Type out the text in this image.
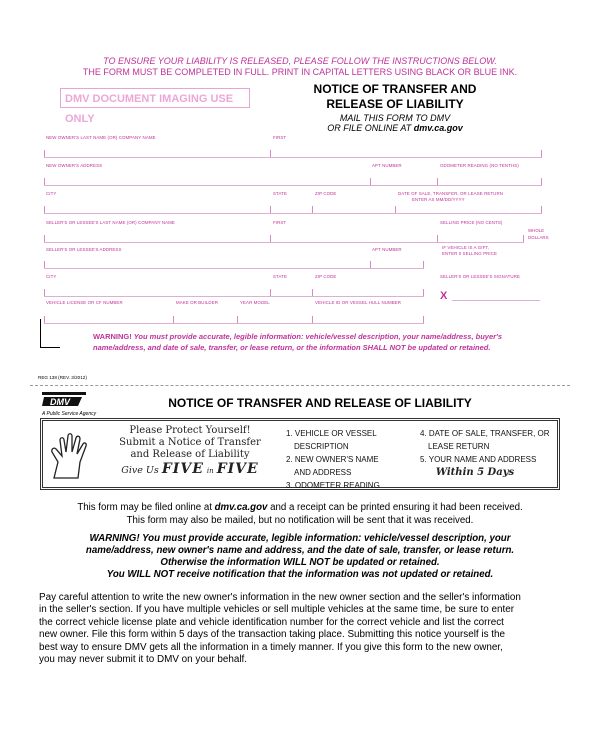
TO ENSURE YOUR LIABILITY IS RELEASED, PLEASE FOLLOW THE INSTRUCTIONS BELOW.
THE FORM MUST BE COMPLETED IN FULL. PRINT IN CAPITAL LETTERS USING BLACK OR BLUE INK.
DMV DOCUMENT IMAGING USE ONLY
NOTICE OF TRANSFER AND
RELEASE OF LIABILITY
MAIL THIS FORM TO DMV
OR FILE ONLINE AT dmv.ca.gov
NEW OWNER'S LAST NAME (OR) COMPANY NAME	FIRST
NEW OWNER'S ADDRESS	APT NUMBER	ODOMETER READING (NO TENTHS)
CITY	STATE	ZIP CODE	DATE OF SALE, TRANSFER, OR LEASE RETURN
ENTER AS MM/DD/YYYY
SELLER'S OR LESSEE'S LAST NAME (OR) COMPANY NAME	FIRST	SELLING PRICE (NO CENTS)
WHOLE
DOLLARS
SELLER'S OR LESSEE'S ADDRESS	APT NUMBER	IF VEHICLE IS A GIFT,
ENTER 0 SELLING PRICE
CITY	STATE	ZIP CODE	SELLER'S OR LESSEE'S SIGNATURE
X
VEHICLE LICENSE OR CF NUMBER	MAKE OR BUILDER	YEAR MODEL	VEHICLE ID OR VESSEL HULL NUMBER
WARNING! You must provide accurate, legible information: vehicle/vessel description, your name/address, buyer's
name/address, and date of sale, transfer, or lease return, or the information SHALL NOT be updated or retained.
REG 138 (REV. 3/2012)
DMV
A Public Service Agency
NOTICE OF TRANSFER AND RELEASE OF LIABILITY
Please Protect Yourself!
Submit a Notice of Transfer
and Release of Liability
Give Us FIVE in FIVE
1. VEHICLE OR VESSEL
DESCRIPTION
2. NEW OWNER'S NAME
AND ADDRESS
3. ODOMETER READING
4. DATE OF SALE, TRANSFER, OR
LEASE RETURN
5. YOUR NAME AND ADDRESS
Within 5 Days
This form may be filed online at dmv.ca.gov and a receipt can be printed ensuring it had been received.
This form may also be mailed, but no notification will be sent that it was received.
WARNING! You must provide accurate, legible information: vehicle/vessel description, your
name/address, new owner's name and address, and the date of sale, transfer, or lease return.
Otherwise the information WILL NOT be updated or retained.
You WILL NOT receive notification that the information was not updated or retained.
Pay careful attention to write the new owner's information in the new owner section and the seller's information
in the seller's section. If you have multiple vehicles or sell multiple vehicles at the same time, be sure to enter
the correct vehicle license plate and vehicle identification number for the correct vehicle and list the correct
new owner. File this form within 5 days of the transaction taking place. Submitting this notice yourself is the
best way to ensure DMV gets all the information in a timely manner. If you give this form to the new owner,
you may never submit it to DMV on your behalf.
